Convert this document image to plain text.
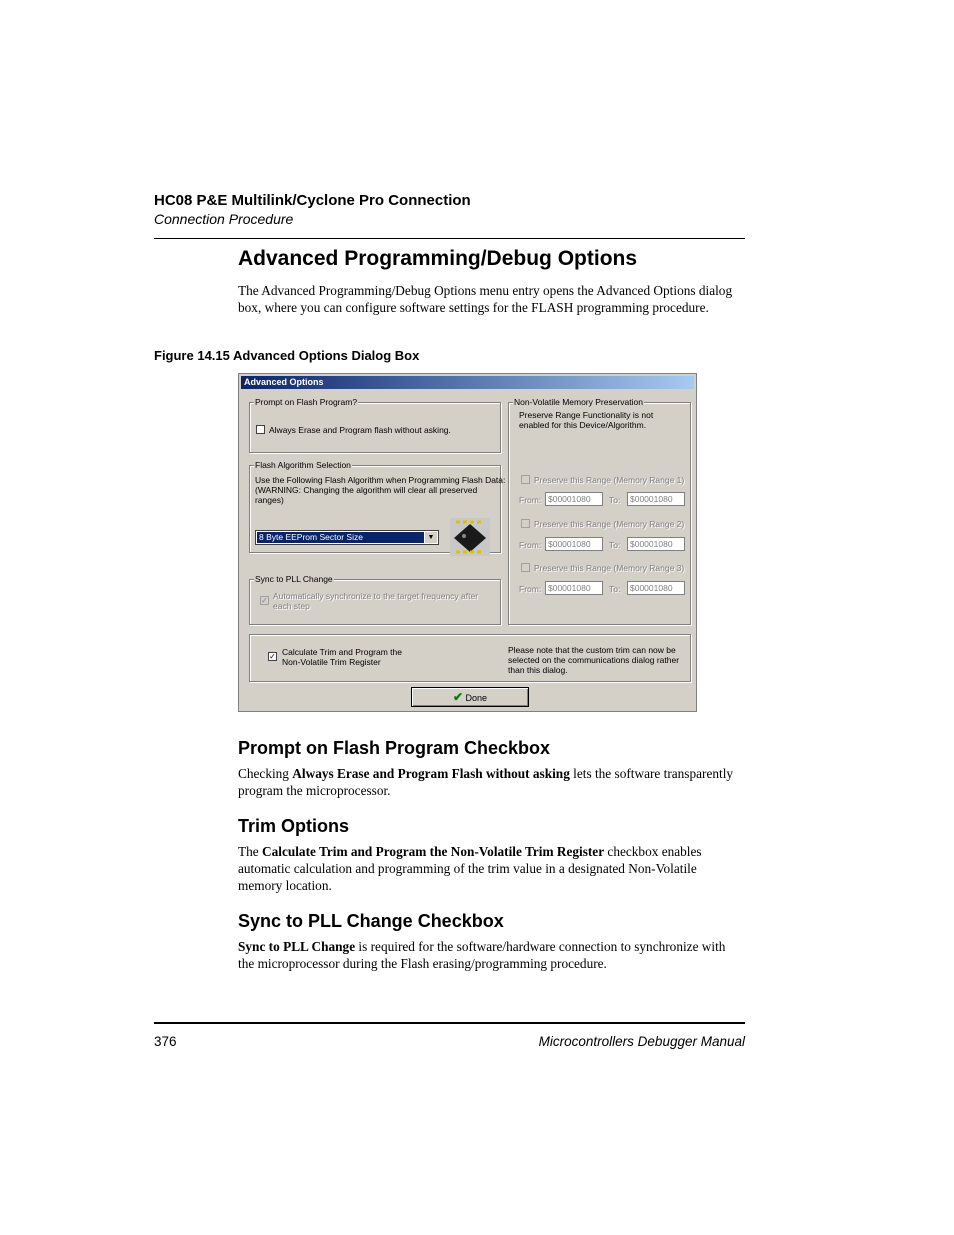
HC08 P&E Multilink/Cyclone Pro Connection
Connection Procedure
Advanced Programming/Debug Options
The Advanced Programming/Debug Options menu entry opens the Advanced Options dialog box, where you can configure software settings for the FLASH programming procedure.
Figure 14.15 Advanced Options Dialog Box
Advanced Options
Prompt on Flash Program?
Always Erase and Program flash without asking.
Flash Algorithm Selection
Use the Following Flash Algorithm when Programming Flash Data:
(WARNING: Changing the algorithm will clear all preserved
ranges)
8 Byte EEProm Sector Size	▼
Sync to PLL Change
✓ Automatically synchronize to the target frequency after
each step
Non-Volatile Memory Preservation
Preserve Range Functionality is not
enabled for this Device/Algorithm.
Preserve this Range (Memory Range 1)
From: $00001080	To:	$00001080
Preserve this Range (Memory Range 2)
From: $00001080	To:	$00001080
Preserve this Range (Memory Range 3)
From: $00001080	To:	$00001080
✓ Calculate Trim and Program the
Non-Volatile Trim Register
Please note that the custom trim can now be
selected on the communications dialog rather
than this dialog.
✔ Done
Prompt on Flash Program Checkbox
Checking Always Erase and Program Flash without asking lets the software transparently program the microprocessor.
Trim Options
The Calculate Trim and Program the Non-Volatile Trim Register checkbox enables automatic calculation and programming of the trim value in a designated Non-Volatile memory location.
Sync to PLL Change Checkbox
Sync to PLL Change is required for the software/hardware connection to synchronize with the microprocessor during the Flash erasing/programming procedure.
376	Microcontrollers Debugger Manual
